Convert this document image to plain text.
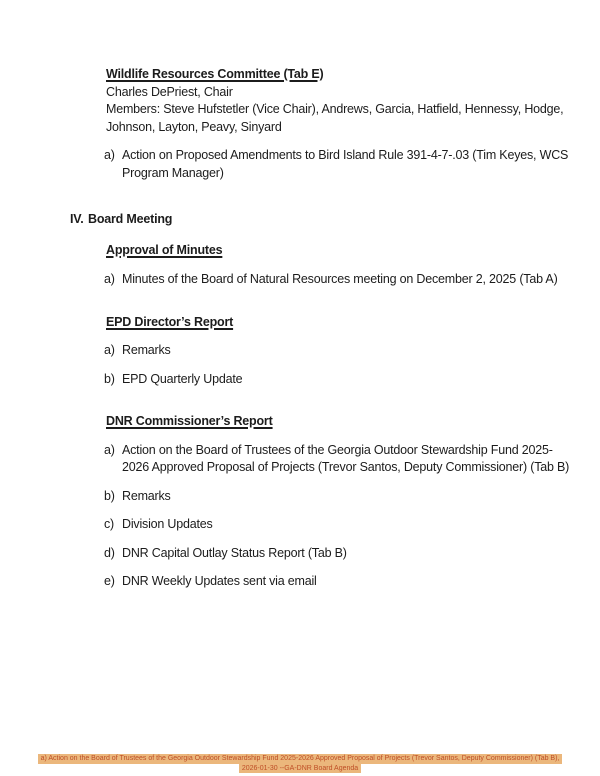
Wildlife Resources Committee (Tab E)

Charles DePriest, Chair

Members: Steve Hufstetler (Vice Chair), Andrews, Garcia, Hatfield, Hennessy, Hodge, Johnson, Layton, Peavy, Sinyard

a) Action on Proposed Amendments to Bird Island Rule 391-4-7-.03 (Tim Keyes, WCS Program Manager)
IV. Board Meeting
Approval of Minutes
a) Minutes of the Board of Natural Resources meeting on December 2, 2025 (Tab A)
EPD Director’s Report
a) Remarks
b) EPD Quarterly Update
DNR Commissioner’s Report
a) Action on the Board of Trustees of the Georgia Outdoor Stewardship Fund 2025-2026 Approved Proposal of Projects (Trevor Santos, Deputy Commissioner) (Tab B)
b) Remarks
c) Division Updates
d) DNR Capital Outlay Status Report (Tab B)
e) DNR Weekly Updates sent via email
a) Action on the Board of Trustees of the Georgia Outdoor Stewardship Fund 2025-2026 Approved Proposal of Projects (Trevor Santos, Deputy Commissioner) (Tab B),
2026-01-30 --GA-DNR Board Agenda
